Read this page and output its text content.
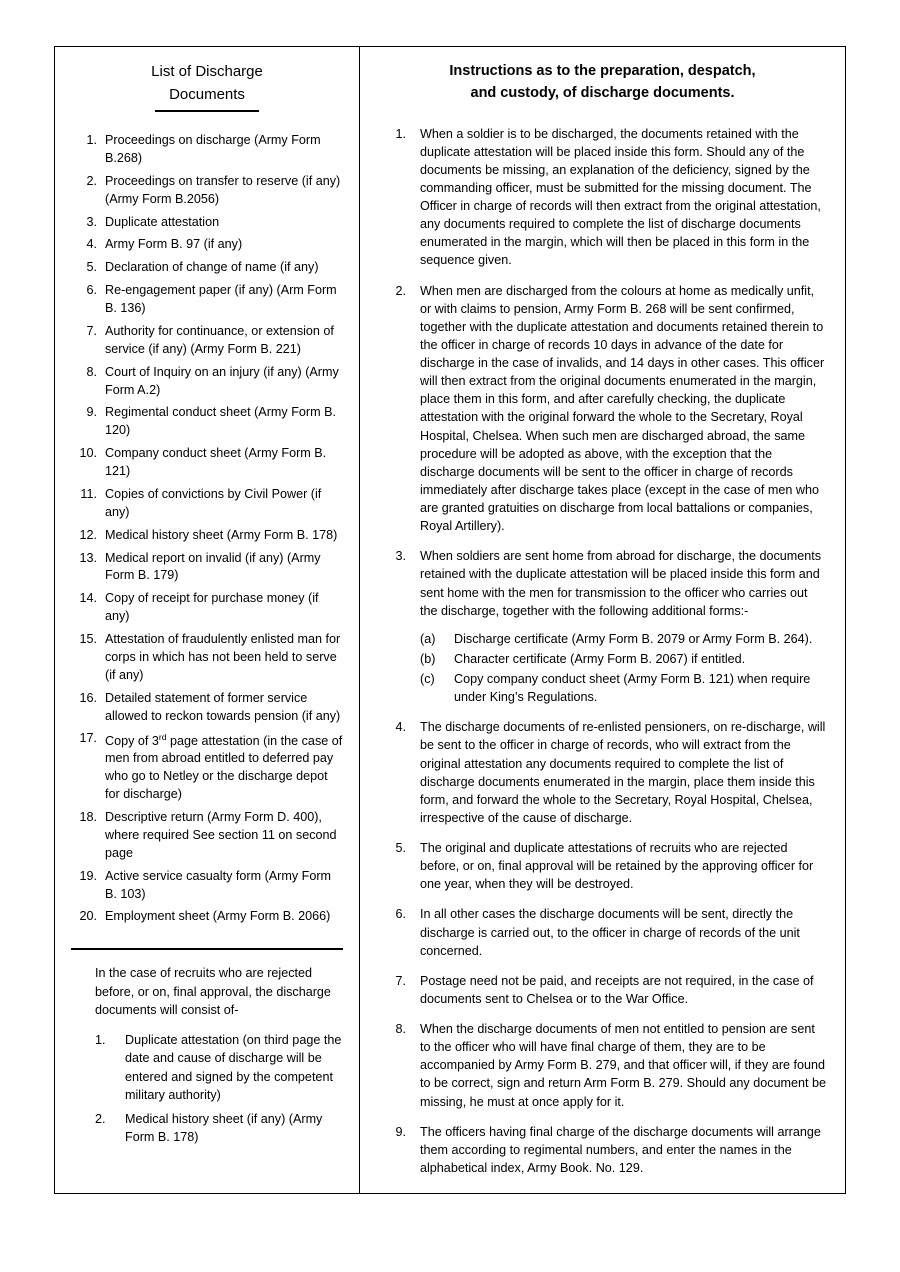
List of Discharge
Documents
1. Proceedings on discharge (Army Form B.268)
2. Proceedings on transfer to reserve (if any) (Army Form B.2056)
3. Duplicate attestation
4. Army Form B. 97 (if any)
5. Declaration of change of name (if any)
6. Re-engagement paper (if any) (Arm Form B. 136)
7. Authority for continuance, or extension of service (if any) (Army Form B. 221)
8. Court of Inquiry on an injury (if any) (Army Form A.2)
9. Regimental conduct sheet (Army Form B. 120)
10. Company conduct sheet (Army Form B. 121)
11. Copies of convictions by Civil Power (if any)
12. Medical history sheet (Army Form B. 178)
13. Medical report on invalid (if any) (Army Form B. 179)
14. Copy of receipt for purchase money (if any)
15. Attestation of fraudulently enlisted man for corps in which has not been held to serve (if any)
16. Detailed statement of former service allowed to reckon towards pension (if any)
17. Copy of 3rd page attestation (in the case of men from abroad entitled to deferred pay who go to Netley or the discharge depot for discharge)
18. Descriptive return (Army Form D. 400), where required See section 11 on second page
19. Active service casualty form (Army Form B. 103)
20. Employment sheet (Army Form B. 2066)
In the case of recruits who are rejected before, or on, final approval, the discharge documents will consist of-
1.	Duplicate attestation (on third page the date and cause of discharge will be entered and signed by the competent military authority)
2.	Medical history sheet (if any) (Army Form B. 178)
Instructions as to the preparation, despatch,
and custody, of discharge documents.
1. When a soldier is to be discharged, the documents retained with the duplicate attestation will be placed inside this form. Should any of the documents be missing, an explanation of the deficiency, signed by the commanding officer, must be submitted for the missing document. The Officer in charge of records will then extract from the original attestation, any documents required to complete the list of discharge documents enumerated in the margin, which will then be placed in this form in the sequence given.
2. When men are discharged from the colours at home as medically unfit, or with claims to pension, Army Form B. 268 will be sent confirmed, together with the duplicate attestation and documents retained therein to the officer in charge of records 10 days in advance of the date for discharge in the case of invalids, and 14 days in other cases. This officer will then extract from the original documents enumerated in the margin, place them in this form, and after carefully checking, the duplicate attestation with the original forward the whole to the Secretary, Royal Hospital, Chelsea. When such men are discharged abroad, the same procedure will be adopted as above, with the exception that the discharge documents will be sent to the officer in charge of records immediately after discharge takes place (except in the case of men who are granted gratuities on discharge from local battalions or companies, Royal Artillery).
3. When soldiers are sent home from abroad for discharge, the documents retained with the duplicate attestation will be placed inside this form and sent home with the men for transmission to the officer who carries out the discharge, together with the following additional forms:-
(a)	Discharge certificate (Army Form B. 2079 or Army Form B. 264).
(b)	Character certificate (Army Form B. 2067) if entitled.
(c)	Copy company conduct sheet (Army Form B. 121) when require under King’s Regulations.
4. The discharge documents of re-enlisted pensioners, on re-discharge, will be sent to the officer in charge of records, who will extract from the original attestation any documents required to complete the list of discharge documents enumerated in the margin, place them inside this form, and forward the whole to the Secretary, Royal Hospital, Chelsea, irrespective of the cause of discharge.
5. The original and duplicate attestations of recruits who are rejected before, or on, final approval will be retained by the approving officer for one year, when they will be destroyed.
6. In all other cases the discharge documents will be sent, directly the discharge is carried out, to the officer in charge of records of the unit concerned.
7. Postage need not be paid, and receipts are not required, in the case of documents sent to Chelsea or to the War Office.
8. When the discharge documents of men not entitled to pension are sent to the officer who will have final charge of them, they are to be accompanied by Army Form B. 279, and that officer will, if they are found to be correct, sign and return Arm Form B. 279. Should any document be missing, he must at once apply for it.
9. The officers having final charge of the discharge documents will arrange them according to regimental numbers, and enter the names in the alphabetical index, Army Book. No. 129.
